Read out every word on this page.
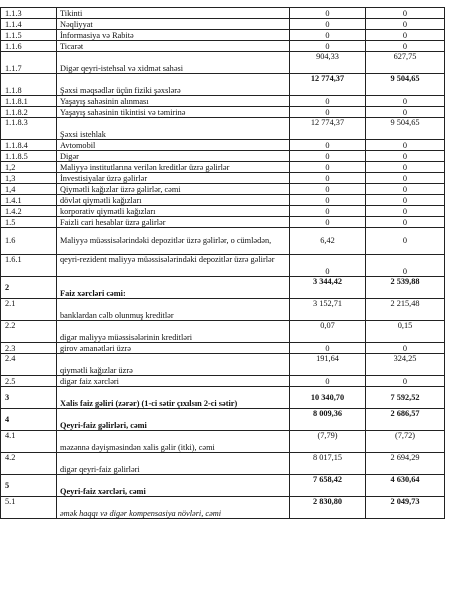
1.1.3	Tikinti	0	0
1.1.4	Nəqliyyat	0	0
1.1.5	İnformasiya və Rabitə	0	0
1.1.6	Ticarət	0	0
1.1.7	Digər qeyri-istehsal və xidmət sahəsi	904,33	627,75
1.1.8	Şəxsi məqsədlər üçün fiziki şəxslərə	12 774,37	9 504,65
1.1.8.1	Yaşayış sahəsinin alınması	0	0
1.1.8.2	Yaşayış sahəsinin tikintisi və təmirinə	0	0
1.1.8.3	Şəxsi istehlak	12 774,37	9 504,65
1.1.8.4	Avtomobil	0	0
1.1.8.5	Digər	0	0
1,2	Maliyyə institutlarına verilən kreditlər üzrə gəlirlər	0	0
1,3	İnvestisiyalar üzrə gəlirlər	0	0
1,4	Qiymətli kağızlar üzrə gəlirlər, cəmi	0	0
1.4.1	dövlət qiymətli kağızları	0	0
1.4.2	korporativ qiymətli kağızları	0	0
1.5	Faizli cari hesablar üzrə gəlirlər	0	0
1.6	Maliyyə müəssisələrindəki depozitlər üzrə gəlirlər, o cümlədən,	6,42	0
1.6.1	qeyri-rezident maliyyə müəssisələrindəki depozitlər üzrə gəlirlər	0	0
2	Faiz xərcləri cəmi:	3 344,42	2 539,88
2.1	banklardan cəlb olunmuş kreditlər	3 152,71	2 215,48
2.2	digər maliyyə müəssisələrinin kreditləri	0,07	0,15
2.3	girov əmanətləri üzrə	0	0
2.4	qiymətli kağızlar üzrə	191,64	324,25
2.5	digər faiz xərcləri	0	0
3	Xalis faiz gəliri (zərər) (1-ci sətir çıxılsın 2-ci sətir)	10 340,70	7 592,52
4	Qeyri-faiz gəlirləri, cəmi	8 009,36	2 686,57
4.1	məzənnə dəyişməsindən xalis gəlir (itki), cəmi	(7,79)	(7,72)
4.2	digər qeyri-faiz gəlirləri	8 017,15	2 694,29
5	Qeyri-faiz xərcləri, cəmi	7 658,42	4 630,64
5.1	əmək haqqı və digər kompensasiya növləri, cəmi	2 830,80	2 049,73
